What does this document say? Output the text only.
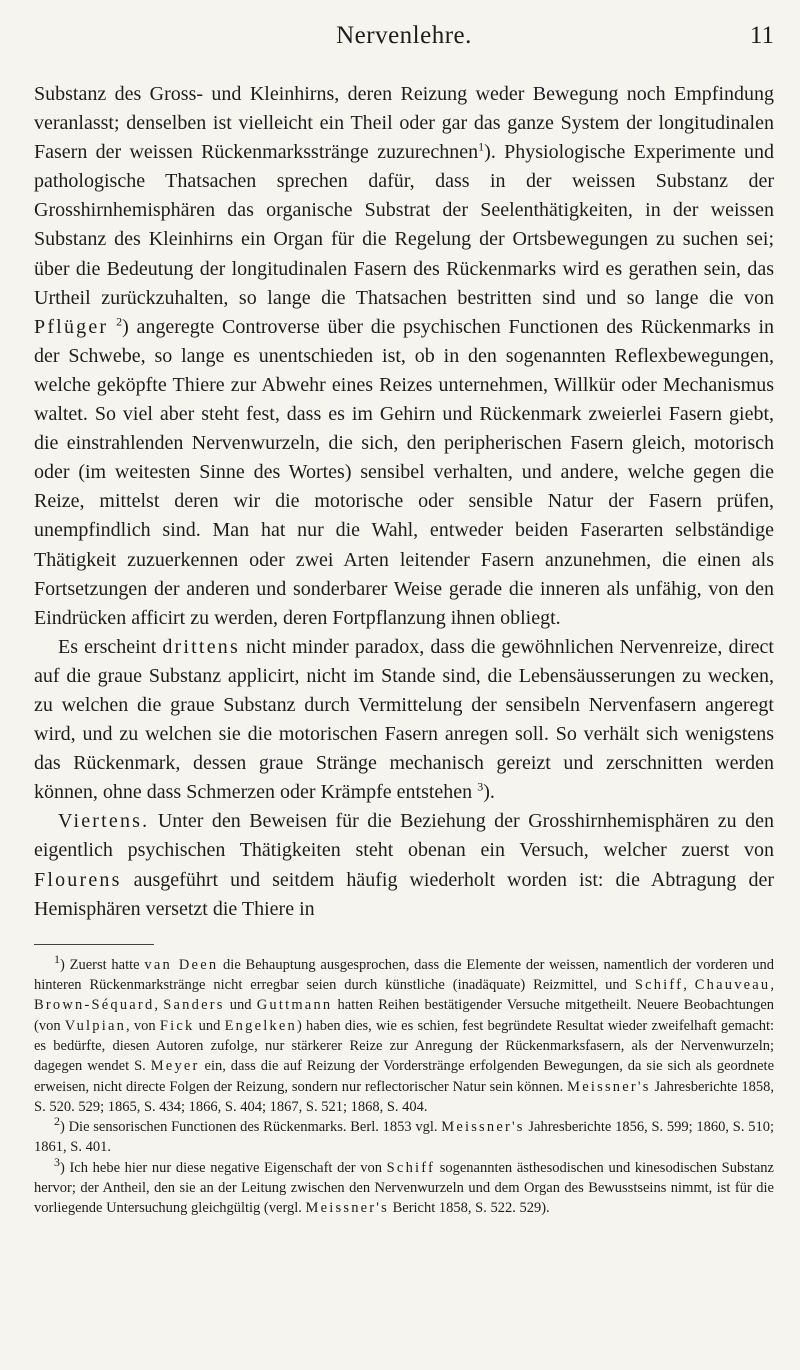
Nervenlehre.	11

Substanz des Gross- und Kleinhirns, deren Reizung weder Bewegung noch Empfindung veranlasst; denselben ist vielleicht ein Theil oder gar das ganze System der longitudinalen Fasern der weissen Rückenmarksstränge zuzurechnen$^1$). Physiologische Experimente und pathologische Thatsachen sprechen dafür, dass in der weissen Substanz der Grosshirnhemisphären das organische Substrat der Seelenthätigkeiten, in der weissen Substanz des Kleinhirns ein Organ für die Regelung der Ortsbewegungen zu suchen sei; über die Bedeutung der longitudinalen Fasern des Rückenmarks wird es gerathen sein, das Urtheil zurückzuhalten, so lange die Thatsachen bestritten sind und so lange die von Pflüger $^2$) angeregte Controverse über die psychischen Functionen des Rückenmarks in der Schwebe, so lange es unentschieden ist, ob in den sogenannten Reflexbewegungen, welche geköpfte Thiere zur Abwehr eines Reizes unternehmen, Willkür oder Mechanismus waltet. So viel aber steht fest, dass es im Gehirn und Rückenmark zweierlei Fasern giebt, die einstrahlenden Nervenwurzeln, die sich, den peripherischen Fasern gleich, motorisch oder (im weitesten Sinne des Wortes) sensibel verhalten, und andere, welche gegen die Reize, mittelst deren wir die motorische oder sensible Natur der Fasern prüfen, unempfindlich sind. Man hat nur die Wahl, entweder beiden Faserarten selbständige Thätigkeit zuzuerkennen oder zwei Arten leitender Fasern anzunehmen, die einen als Fortsetzungen der anderen und sonderbarer Weise gerade die inneren als unfähig, von den Eindrücken afficirt zu werden, deren Fortpflanzung ihnen obliegt.

Es erscheint drittens nicht minder paradox, dass die gewöhnlichen Nervenreize, direct auf die graue Substanz applicirt, nicht im Stande sind, die Lebensäusserungen zu wecken, zu welchen die graue Substanz durch Vermittelung der sensibeln Nervenfasern angeregt wird, und zu welchen sie die motorischen Fasern anregen soll. So verhält sich wenigstens das Rückenmark, dessen graue Stränge mechanisch gereizt und zerschnitten werden können, ohne dass Schmerzen oder Krämpfe entstehen $^3$).

Viertens. Unter den Beweisen für die Beziehung der Grosshirnhemisphären zu den eigentlich psychischen Thätigkeiten steht obenan ein Versuch, welcher zuerst von Flourens ausgeführt und seitdem häufig wiederholt worden ist: die Abtragung der Hemisphären versetzt die Thiere in

$^1$) Zuerst hatte van Deen die Behauptung ausgesprochen, dass die Elemente der weissen, namentlich der vorderen und hinteren Rückenmarkstränge nicht erregbar seien durch künstliche (inadäquate) Reizmittel, und Schiff, Chauveau, Brown-Séquard, Sanders und Guttmann hatten Reihen bestätigender Versuche mitgetheilt. Neuere Beobachtungen (von Vulpian, von Fick und Engelken) haben dies, wie es schien, fest begründete Resultat wieder zweifelhaft gemacht: es bedürfte, diesen Autoren zufolge, nur stärkerer Reize zur Anregung der Rückenmarksfasern, als der Nervenwurzeln; dagegen wendet S. Meyer ein, dass die auf Reizung der Vorderstränge erfolgenden Bewegungen, da sie sich als geordnete erweisen, nicht directe Folgen der Reizung, sondern nur reflectorischer Natur sein können. Meissner's Jahresberichte 1858, S. 520. 529; 1865, S. 434; 1866, S. 404; 1867, S. 521; 1868, S. 404.

$^2$) Die sensorischen Functionen des Rückenmarks. Berl. 1853 vgl. Meissner's Jahresberichte 1856, S. 599; 1860, S. 510; 1861, S. 401.

$^3$) Ich hebe hier nur diese negative Eigenschaft der von Schiff sogenannten ästhesodischen und kinesodischen Substanz hervor; der Antheil, den sie an der Leitung zwischen den Nervenwurzeln und dem Organ des Bewusstseins nimmt, ist für die vorliegende Untersuchung gleichgültig (vergl. Meissner's Bericht 1858, S. 522. 529).
